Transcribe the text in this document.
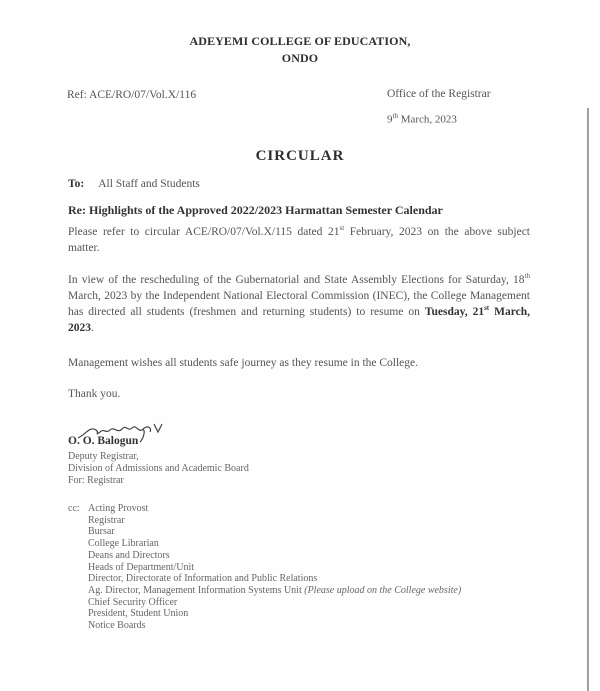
ADEYEMI COLLEGE OF EDUCATION,
ONDO
Ref: ACE/RO/07/Vol.X/116	Office of the Registrar
9th March, 2023
CIRCULAR
To: All Staff and Students
Re: Highlights of the Approved 2022/2023 Harmattan Semester Calendar
Please refer to circular ACE/RO/07/Vol.X/115 dated 21st February, 2023 on the above subject matter.
In view of the rescheduling of the Gubernatorial and State Assembly Elections for Saturday, 18th March, 2023 by the Independent National Electoral Commission (INEC), the College Management has directed all students (freshmen and returning students) to resume on Tuesday, 21st March, 2023.
Management wishes all students safe journey as they resume in the College.
Thank you.
O. O. Balogun
Deputy Registrar,
Division of Admissions and Academic Board
For: Registrar
cc: Acting Provost
Registrar
Bursar
College Librarian
Deans and Directors
Heads of Department/Unit
Director, Directorate of Information and Public Relations
Ag. Director, Management Information Systems Unit (Please upload on the College website)
Chief Security Officer
President, Student Union
Notice Boards
